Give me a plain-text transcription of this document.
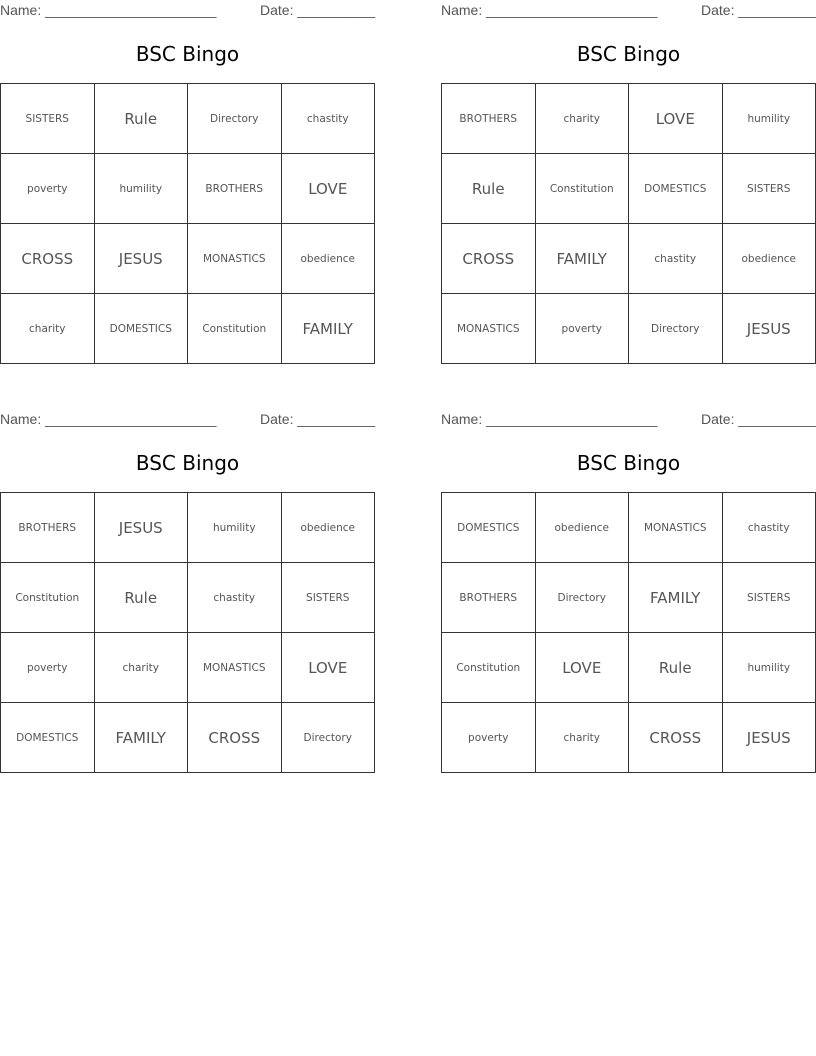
Name: ______________________	Date: __________
BSC Bingo
SISTERS	Rule	Directory	chastity
poverty	humility	BROTHERS	LOVE
CROSS	JESUS	MONASTICS	obedience
charity	DOMESTICS	Constitution	FAMILY
Name: ______________________	Date: __________
BSC Bingo
BROTHERS	charity	LOVE	humility
Rule	Constitution	DOMESTICS	SISTERS
CROSS	FAMILY	chastity	obedience
MONASTICS	poverty	Directory	JESUS
Name: ______________________	Date: __________
BSC Bingo
BROTHERS	JESUS	humility	obedience
Constitution	Rule	chastity	SISTERS
poverty	charity	MONASTICS	LOVE
DOMESTICS	FAMILY	CROSS	Directory
Name: ______________________	Date: __________
BSC Bingo
DOMESTICS	obedience	MONASTICS	chastity
BROTHERS	Directory	FAMILY	SISTERS
Constitution	LOVE	Rule	humility
poverty	charity	CROSS	JESUS
